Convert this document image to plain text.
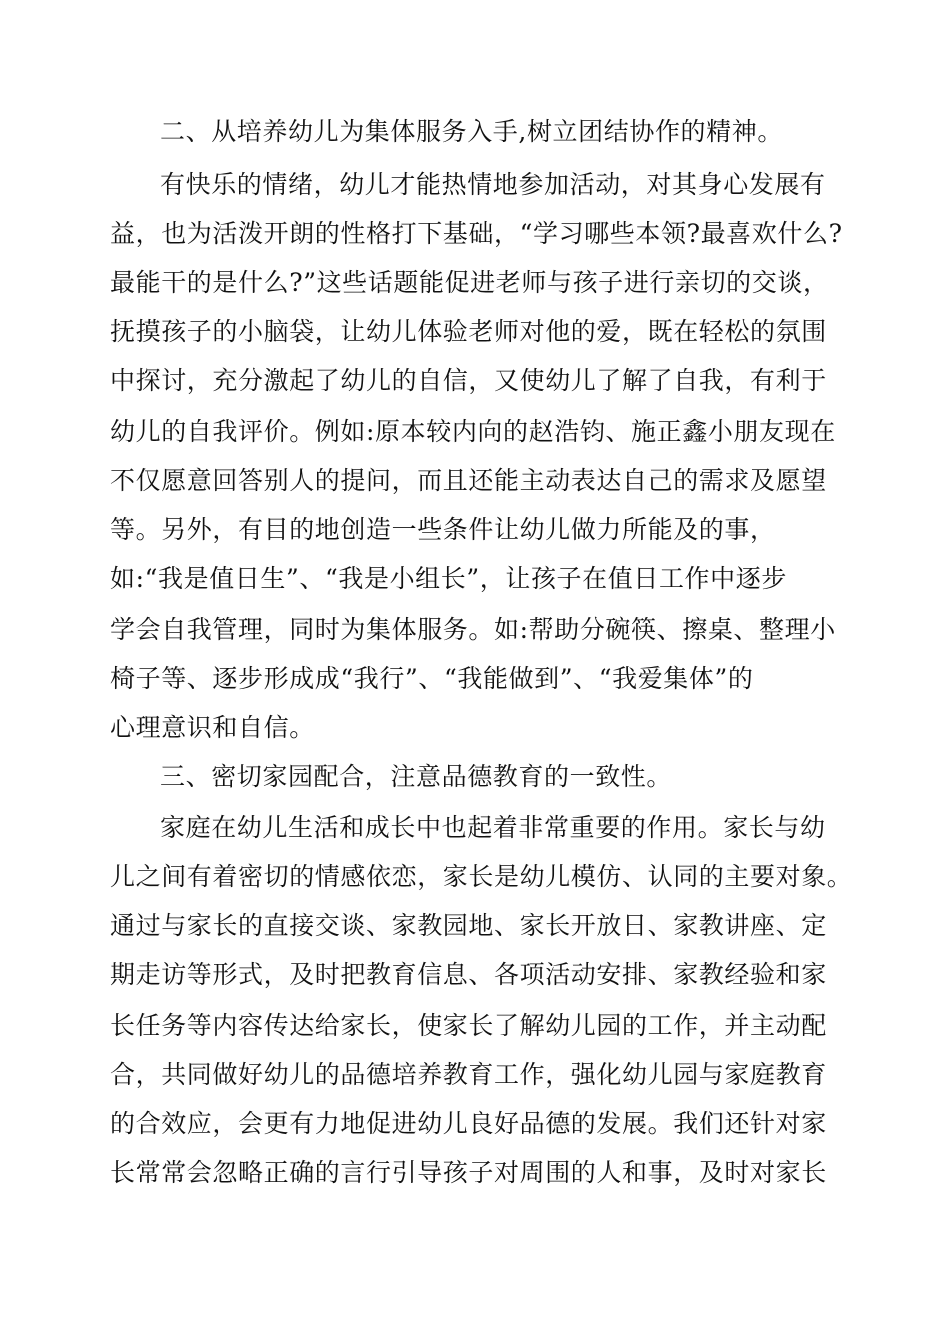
二、从培养幼儿为集体服务入手,树立团结协作的精神。
有快乐的情绪，幼儿才能热情地参加活动，对其身心发展有
益，也为活泼开朗的性格打下基础，“学习哪些本领?最喜欢什么?
最能干的是什么?”这些话题能促进老师与孩子进行亲切的交谈，
抚摸孩子的小脑袋，让幼儿体验老师对他的爱，既在轻松的氛围
中探讨，充分激起了幼儿的自信，又使幼儿了解了自我，有利于
幼儿的自我评价。例如:原本较内向的赵浩钧、施正鑫小朋友现在
不仅愿意回答别人的提问，而且还能主动表达自己的需求及愿望
等。另外，有目的地创造一些条件让幼儿做力所能及的事，
如:“我是值日生”、“我是小组长”，让孩子在值日工作中逐步
学会自我管理，同时为集体服务。如:帮助分碗筷、擦桌、整理小
椅子等、逐步形成成“我行”、“我能做到”、“我爱集体”的
心理意识和自信。
三、密切家园配合，注意品德教育的一致性。
家庭在幼儿生活和成长中也起着非常重要的作用。家长与幼
儿之间有着密切的情感依恋，家长是幼儿模仿、认同的主要对象。
通过与家长的直接交谈、家教园地、家长开放日、家教讲座、定
期走访等形式，及时把教育信息、各项活动安排、家教经验和家
长任务等内容传达给家长，使家长了解幼儿园的工作，并主动配
合，共同做好幼儿的品德培养教育工作，强化幼儿园与家庭教育
的合效应，会更有力地促进幼儿良好品德的发展。我们还针对家
长常常会忽略正确的言行引导孩子对周围的人和事，及时对家长
